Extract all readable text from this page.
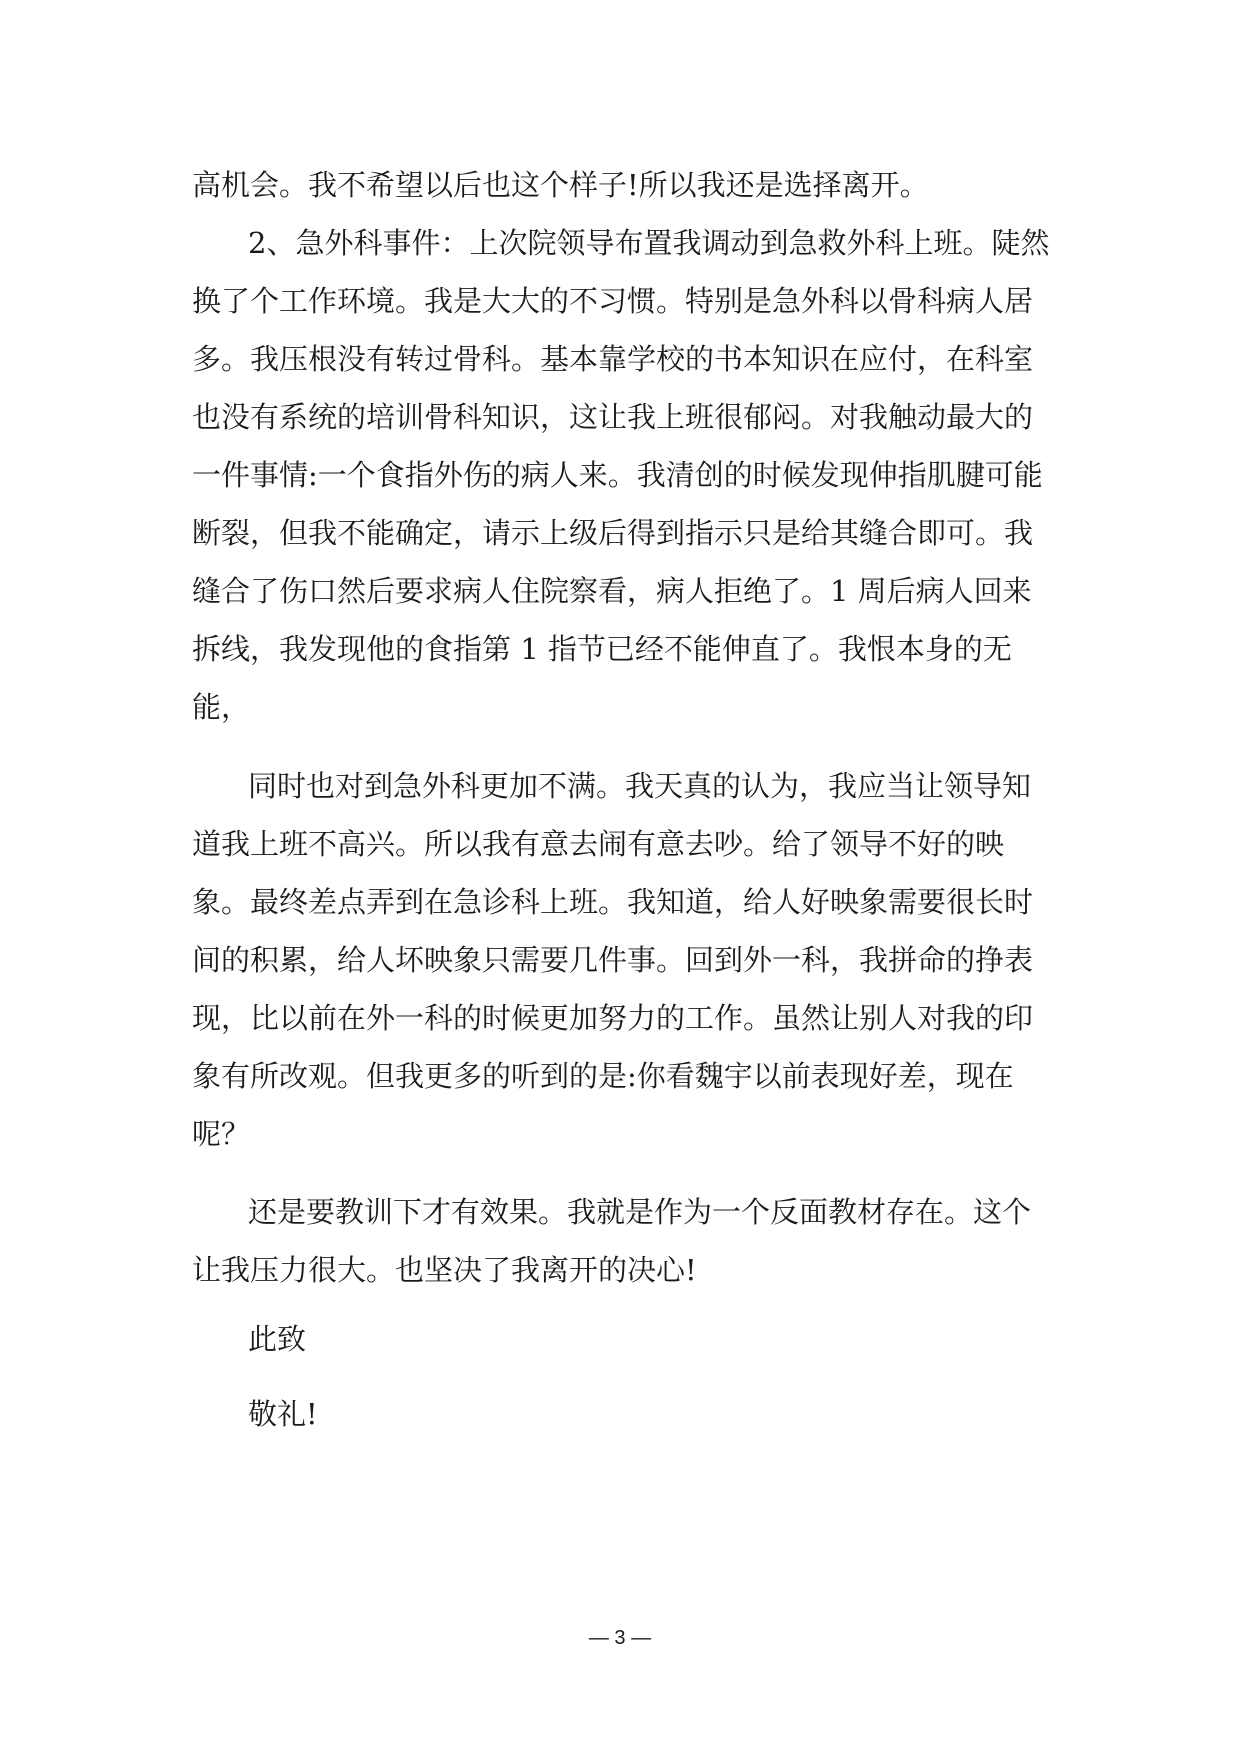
高机会。我不希望以后也这个样子!所以我还是选择离开。
2、急外科事件：上次院领导布置我调动到急救外科上班。陡然
换了个工作环境。我是大大的不习惯。特别是急外科以骨科病人居
多。我压根没有转过骨科。基本靠学校的书本知识在应付，在科室
也没有系统的培训骨科知识，这让我上班很郁闷。对我触动最大的
一件事情:一个食指外伤的病人来。我清创的时候发现伸指肌腱可能
断裂，但我不能确定，请示上级后得到指示只是给其缝合即可。我
缝合了伤口然后要求病人住院察看，病人拒绝了。1 周后病人回来
拆线，我发现他的食指第 1 指节已经不能伸直了。我恨本身的无
能，
同时也对到急外科更加不满。我天真的认为，我应当让领导知
道我上班不高兴。所以我有意去闹有意去吵。给了领导不好的映
象。最终差点弄到在急诊科上班。我知道，给人好映象需要很长时
间的积累，给人坏映象只需要几件事。回到外一科，我拼命的挣表
现，比以前在外一科的时候更加努力的工作。虽然让别人对我的印
象有所改观。但我更多的听到的是:你看魏宇以前表现好差，现在
呢？
还是要教训下才有效果。我就是作为一个反面教材存在。这个
让我压力很大。也坚决了我离开的决心!
此致
敬礼!
— 3 —
